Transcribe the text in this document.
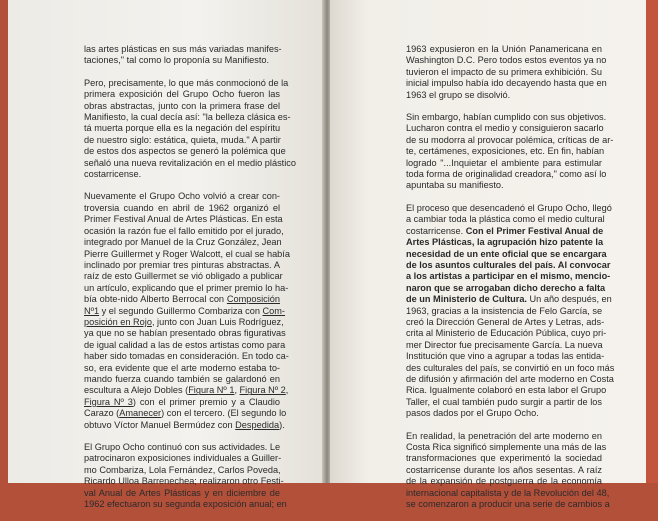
las artes plásticas en sus más variadas manifes-
taciones," tal como lo proponía su Manifiesto.
Pero, precisamente, lo que más conmocionó de la
primera exposición del Grupo Ocho fueron las
obras abstractas, junto con la primera frase del
Manifiesto, la cual decía así: "la belleza clásica es-
tá muerta porque ella es la negación del espíritu
de nuestro siglo: estática, quieta, muda." A partir
de estos dos aspectos se generó la polémica que
señaló una nueva revitalización en el medio plástico
costarricense.
Nuevamente el Grupo Ocho volvió a crear con-
troversia cuando en abril de 1962 organizó el
Primer Festival Anual de Artes Plásticas. En esta
ocasión la razón fue el fallo emitido por el jurado,
integrado por Manuel de la Cruz González, Jean
Pierre Guillermet y Roger Walcott, el cual se había
inclinado por premiar tres pinturas abstractas. A
raíz de esto Guillermet se vió obligado a publicar
un artículo, explicando que el primer premio lo ha-
bía obte-nido Alberto Berrocal con Composición
Nº1 y el segundo Guillermo Combariza con Com-
posición en Rojo, junto con Juan Luis Rodríguez,
ya que no se habían presentado obras figurativas
de igual calidad a las de estos artistas como para
haber sido tomadas en consideración. En todo ca-
so, era evidente que el arte moderno estaba to-
mando fuerza cuando también se galardonó en
escultura a Alejo Dobles (Figura Nº 1, Figura Nº 2,
Figura Nº 3) con el primer premio y a Claudio
Carazo (Amanecer) con el tercero. (El segundo lo
obtuvo Víctor Manuel Bermúdez con Despedida).
El Grupo Ocho continuó con sus actividades. Le
patrocinaron exposiciones individuales a Guiller-
mo Combariza, Lola Fernández, Carlos Poveda,
Ricardo Ulloa Barrenechea; realizaron otro Festi-
val Anual de Artes Plásticas y en diciembre de
1962 efectuaron su segunda exposición anual; en
1963 expusieron en la Unión Panamericana en
Washington D.C. Pero todos estos eventos ya no
tuvieron el impacto de su primera exhibición. Su
inicial impulso había ido decayendo hasta que en
1963 el grupo se disolvió.
Sin embargo, habían cumplido con sus objetivos.
Lucharon contra el medio y consiguieron sacarlo
de su modorra al provocar polémica, críticas de ar-
te, certámenes, exposiciones, etc. En fin, habían
logrado "...Inquietar el ambiente para estimular
toda forma de originalidad creadora," como así lo
apuntaba su manifiesto.
El proceso que desencadenó el Grupo Ocho, llegó
a cambiar toda la plástica como el medio cultural
costarricense. Con el Primer Festival Anual de
Artes Plásticas, la agrupación hizo patente la
necesidad de un ente oficial que se encargara
de los asuntos culturales del país. Al convocar
a los artistas a participar en el mismo, mencio-
naron que se arrogaban dicho derecho a falta
de un Ministerio de Cultura. Un año después, en
1963, gracias a la insistencia de Felo García, se
creó la Dirección General de Artes y Letras, ads-
crita al Ministerio de Educación Pública, cuyo pri-
mer Director fue precisamente García. La nueva
Institución que vino a agrupar a todas las entida-
des culturales del país, se convirtió en un foco más
de difusión y afirmación del arte moderno en Costa
Rica. Igualmente colaboró en esta labor el Grupo
Taller, el cual también pudo surgir a partir de los
pasos dados por el Grupo Ocho.
En realidad, la penetración del arte moderno en
Costa Rica significó simplemente una más de las
transformaciones que experimentó la sociedad
costarricense durante los años sesentas. A raíz
de la expansión de postguerra de la economía
internacional capitalista y de la Revolución del 48,
se comenzaron a producir una serie de cambios a
